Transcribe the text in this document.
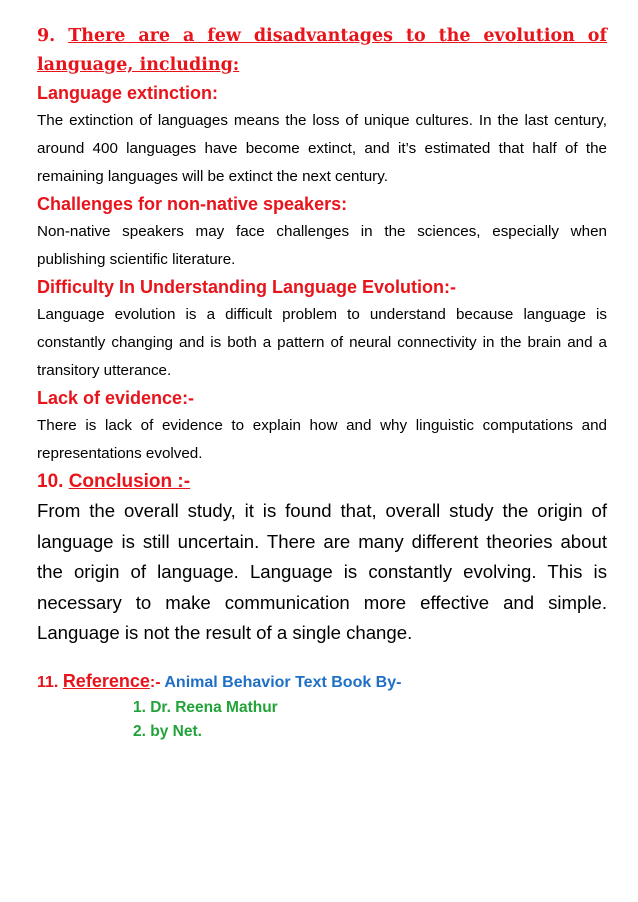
9. There are a few disadvantages to the evolution of language, including:

Language extinction:

The extinction of languages means the loss of unique cultures. In the last century, around 400 languages have become extinct, and it’s estimated that half of the remaining languages will be extinct the next century.

Challenges for non-native speakers:

Non-native speakers may face challenges in the sciences, especially when publishing scientific literature.

Difficulty In Understanding Language Evolution:-

Language evolution is a difficult problem to understand because language is constantly changing and is both a pattern of neural connectivity in the brain and a transitory utterance.

Lack of evidence:-

There is lack of evidence to explain how and why linguistic computations and representations evolved.

10. Conclusion :-

From the overall study, it is found that, overall study the origin of language is still uncertain. There are many different theories about the origin of language. Language is constantly evolving. This is necessary to make communication more effective and simple. Language is not the result of a single change.

11. Reference:- Animal Behavior Text Book By-

1. Dr. Reena Mathur

2. by Net.
